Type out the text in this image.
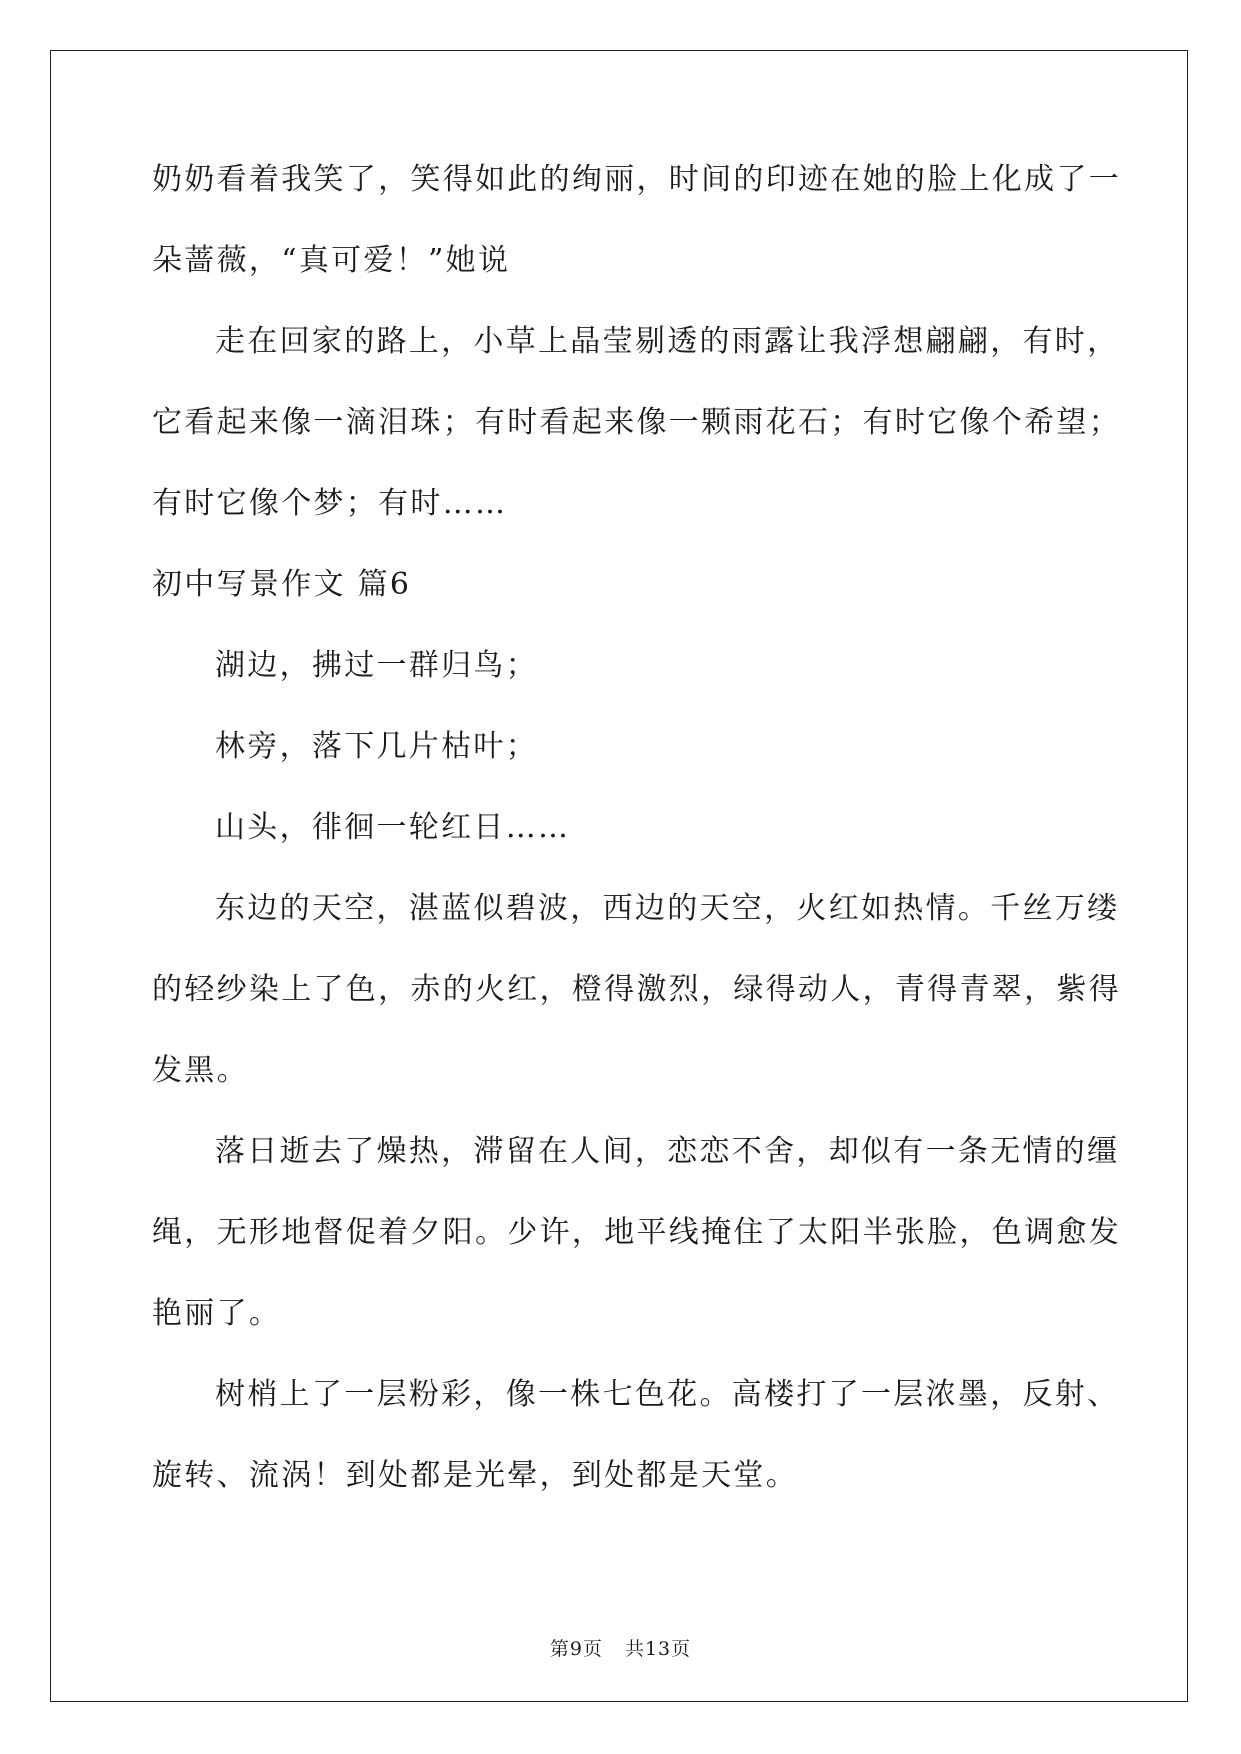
奶奶看着我笑了，笑得如此的绚丽，时间的印迹在她的脸上化成了一
朵蔷薇，“真可爱！”她说
走在回家的路上，小草上晶莹剔透的雨露让我浮想翩翩，有时，
它看起来像一滴泪珠；有时看起来像一颗雨花石；有时它像个希望；
有时它像个梦；有时……
初中写景作文 篇6
湖边，拂过一群归鸟；
林旁，落下几片枯叶；
山头，徘徊一轮红日……
东边的天空，湛蓝似碧波，西边的天空，火红如热情。千丝万缕
的轻纱染上了色，赤的火红，橙得激烈，绿得动人，青得青翠，紫得
发黑。
落日逝去了燥热，滞留在人间，恋恋不舍，却似有一条无情的缰
绳，无形地督促着夕阳。少许，地平线掩住了太阳半张脸，色调愈发
艳丽了。
树梢上了一层粉彩，像一株七色花。高楼打了一层浓墨，反射、
旋转、流涡！到处都是光晕，到处都是天堂。
第9页 共13页
